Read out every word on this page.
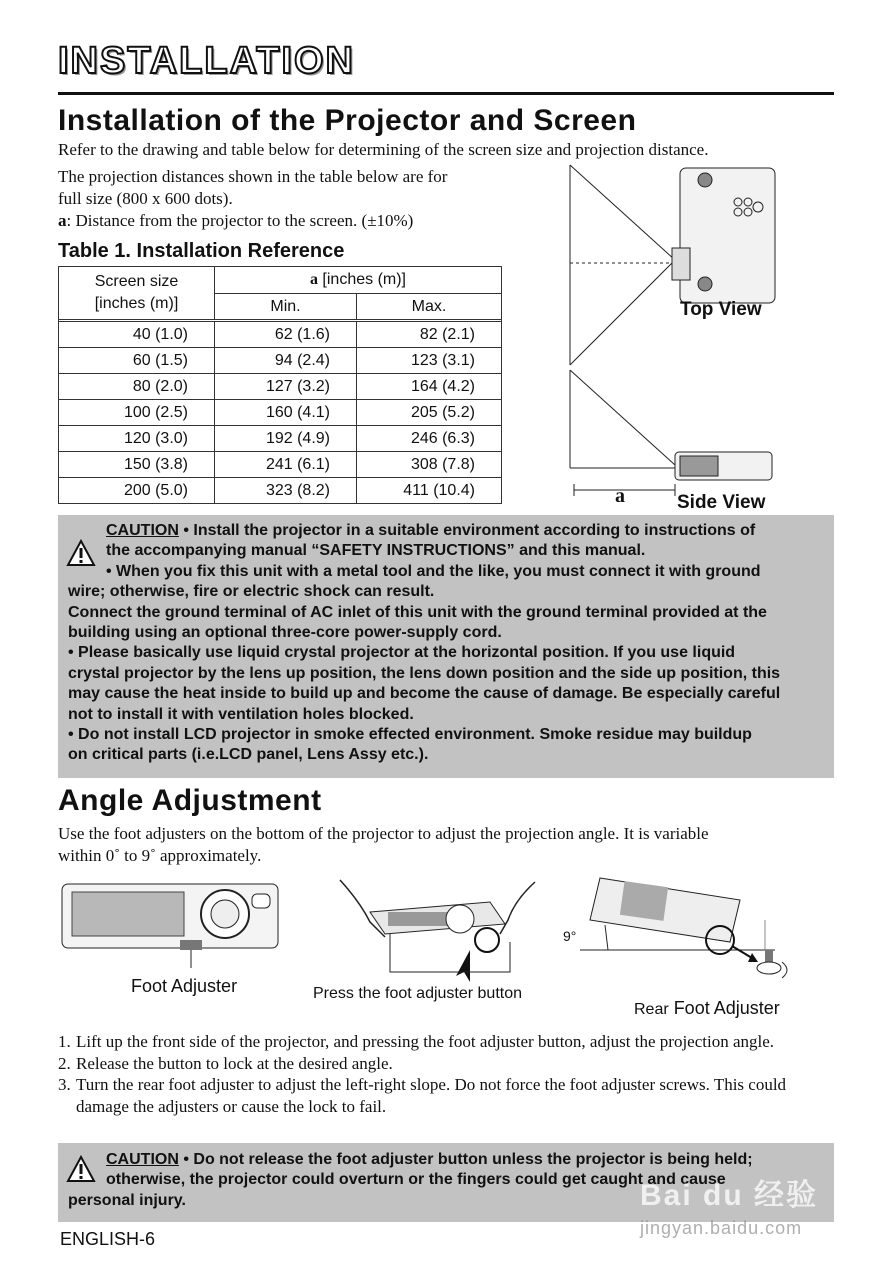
INSTALLATION
Installation of the Projector and Screen
Refer to the drawing and table below for determining of the screen size and projection distance.
The projection distances shown in the table below are for
full size (800 x 600 dots).
a: Distance from the projector to the screen. (±10%)
Table 1. Installation Reference
Screen size
[inches (m)]	a [inches (m)]	
	Min.	Max.

40 (1.0)	62 (1.6)	82 (2.1)
60 (1.5)	94 (2.4)	123 (3.1)
80 (2.0)	127 (3.2)	164 (4.2)
100 (2.5)	160 (4.1)	205 (5.2)
120 (3.0)	192 (4.9)	246 (6.3)
150 (3.8)	241 (6.1)	308 (7.8)
200 (5.0)	323 (8.2)	411 (10.4)
Top View
Side View
a
CAUTION • Install the projector in a suitable environment according to instructions of
the accompanying manual “SAFETY INSTRUCTIONS” and this manual.
• When you fix this unit with a metal tool and the like, you must connect it with ground
wire; otherwise, fire or electric shock can result.
Connect the ground terminal of AC inlet of this unit with the ground terminal provided at the
building using an optional three-core power-supply cord.
• Please basically use liquid crystal projector at the horizontal position. If you use liquid
crystal projector by the lens up position, the lens down position and the side up position, this
may cause the heat inside to build up and become the cause of damage. Be especially careful
not to install it with ventilation holes blocked.
• Do not install LCD projector in smoke effected environment. Smoke residue may buildup
on critical parts (i.e.LCD panel, Lens Assy etc.).
Angle Adjustment
Use the foot adjusters on the bottom of the projector to adjust the projection angle. It is variable
within 0˚ to 9˚ approximately.
Foot Adjuster	Press the foot adjuster button
9°
Rear Foot Adjuster
1. Lift up the front side of the projector, and pressing the foot adjuster button, adjust the projection angle.
2. Release the button to lock at the desired angle.
3. Turn the rear foot adjuster to adjust the left-right slope. Do not force the foot adjuster screws. This could damage the adjusters or cause the lock to fail.
CAUTION • Do not release the foot adjuster button unless the projector is being held;
otherwise, the projector could overturn or the fingers could get caught and cause
personal injury.	Bai du 经验
jingyan.baidu.com
ENGLISH-6
